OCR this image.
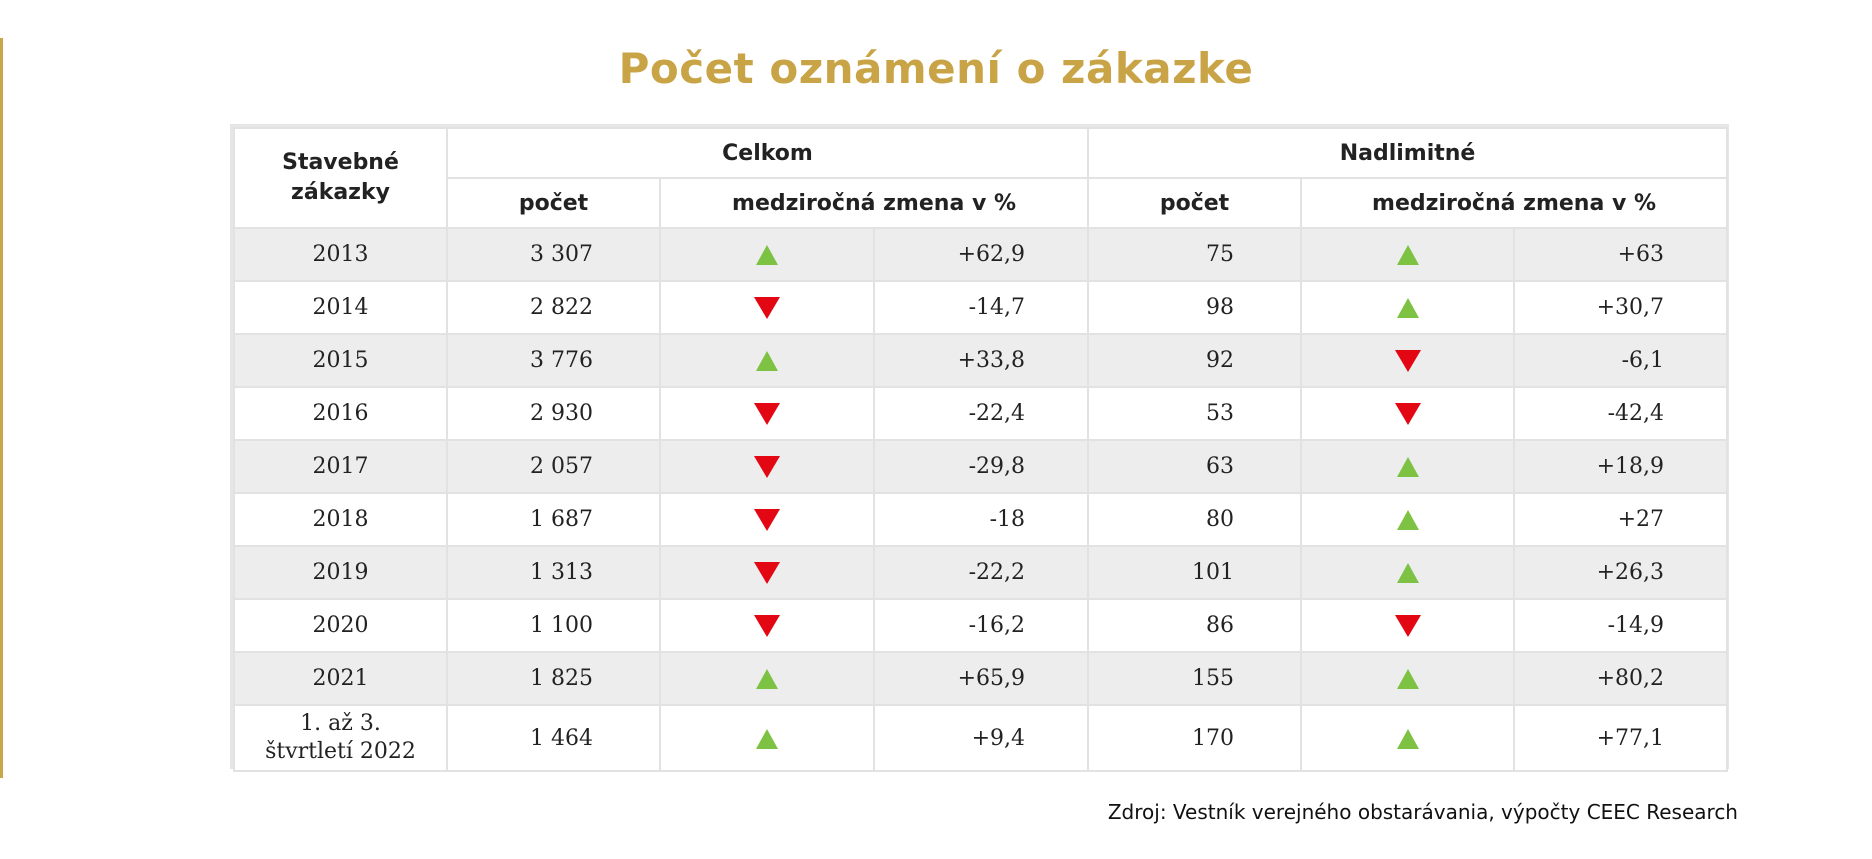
Počet oznámení o zákazke
Stavebné zákazky	Celkom			Nadlimitné		
	počet	medziročná zmena v %		počet	medziročná zmena v %	
2013	3 307		+62,9	75		+63
2014	2 822		-14,7	98		+30,7
2015	3 776		+33,8	92		-6,1
2016	2 930		-22,4	53		-42,4
2017	2 057		-29,8	63		+18,9
2018	1 687		-18	80		+27
2019	1 313		-22,2	101		+26,3
2020	1 100		-16,2	86		-14,9
2021	1 825		+65,9	155		+80,2
1. až 3. štvrtletí 2022	1 464		+9,4	170		+77,1
Zdroj: Vestník verejného obstarávania, výpočty CEEC Research
